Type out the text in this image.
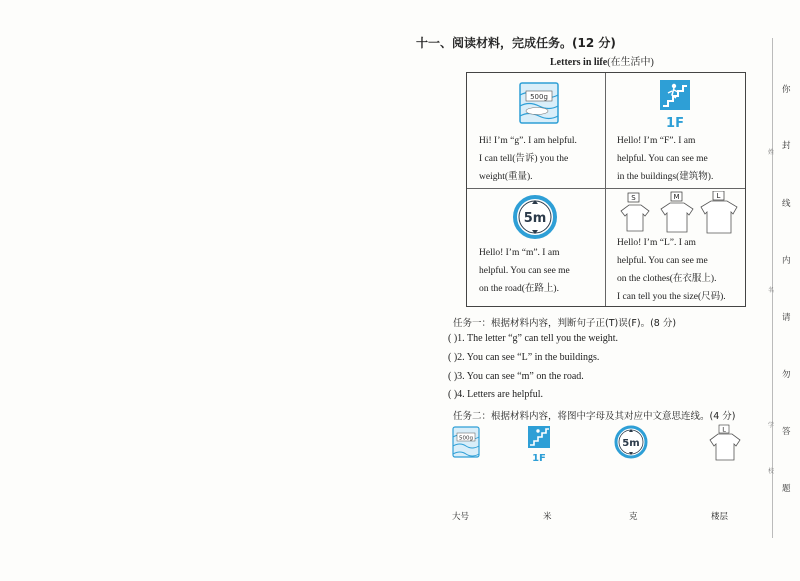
十一、阅读材料，完成任务。(12 分)
Letters in life(在生活中)
500g
Hi! I’m “g”. I am helpful.
I can tell(告诉) you the
weight(重量).
1F
Hello! I’m “F”. I am
helpful. You can see me
in the buildings(建筑物).
5m
Hello! I’m “m”. I am
helpful. You can see me
on the road(在路上).
S	M	L
Hello! I’m “L”. I am
helpful. You can see me
on the clothes(在衣服上).
I can tell you the size(尺码).
任务一：根据材料内容，判断句子正(T)误(F)。(8 分)
( )1. The letter “g” can tell you the weight.
( )2. You can see “L” in the buildings.
( )3. You can see “m” on the road.
( )4. Letters are helpful.
任务二：根据材料内容，将图中字母及其对应中文意思连线。(4 分)
500g
1F
5m
L
大号	米	克	楼层
你
封
线
内
请
勿
答
题
姓
名
学
校
